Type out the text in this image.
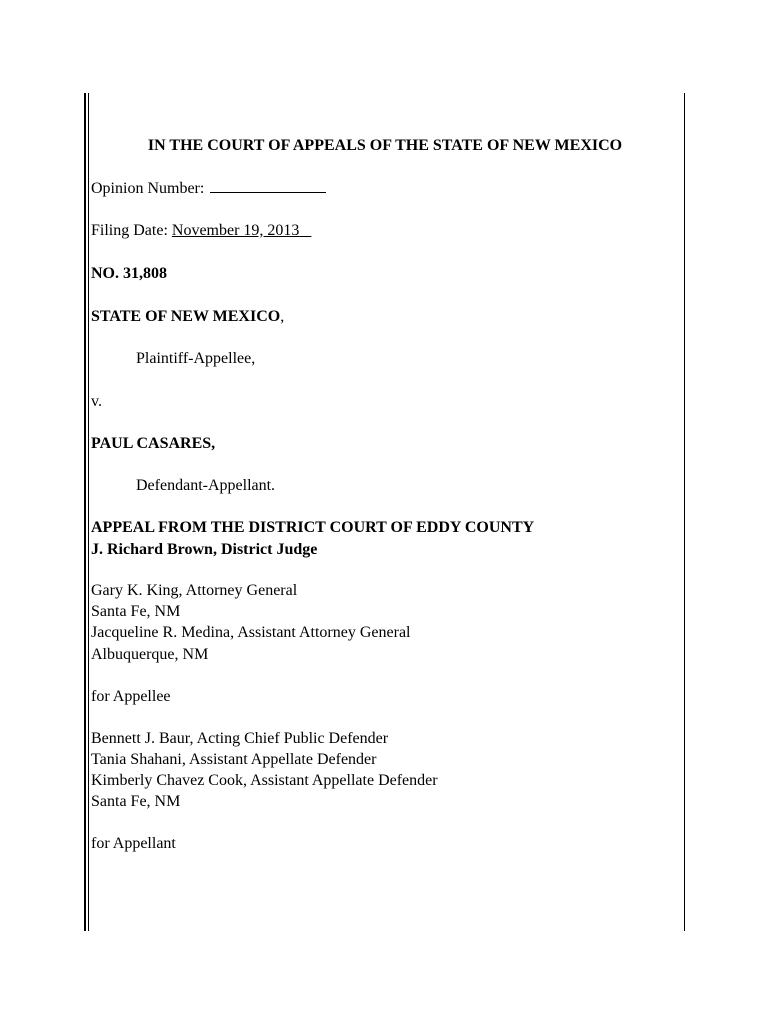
IN THE COURT OF APPEALS OF THE STATE OF NEW MEXICO
Opinion Number:
Filing Date: November 19, 2013
NO. 31,808
STATE OF NEW MEXICO,
Plaintiff-Appellee,
v.
PAUL CASARES,
Defendant-Appellant.
APPEAL FROM THE DISTRICT COURT OF EDDY COUNTY
J. Richard Brown, District Judge
Gary K. King, Attorney General
Santa Fe, NM
Jacqueline R. Medina, Assistant Attorney General
Albuquerque, NM
for Appellee
Bennett J. Baur, Acting Chief Public Defender
Tania Shahani, Assistant Appellate Defender
Kimberly Chavez Cook, Assistant Appellate Defender
Santa Fe, NM
for Appellant
